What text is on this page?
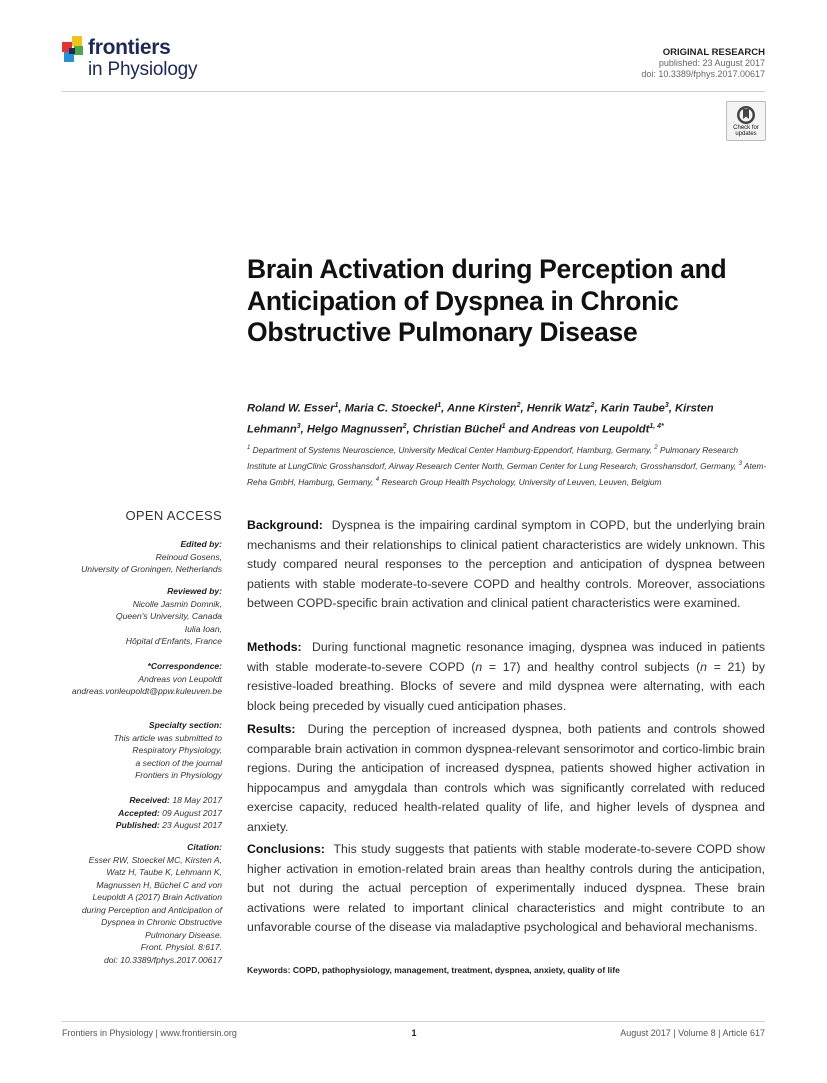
frontiers
in Physiology
ORIGINAL RESEARCH
published: 23 August 2017
doi: 10.3389/fphys.2017.00617
Check for
updates
Brain Activation during Perception and Anticipation of Dyspnea in Chronic Obstructive Pulmonary Disease
Roland W. Esser$^1$, Maria C. Stoeckel$^1$, Anne Kirsten$^2$, Henrik Watz$^2$, Karin Taube$^3$, Kirsten Lehmann$^3$, Helgo Magnussen$^2$, Christian Büchel$^1$ and Andreas von Leupoldt$^{1, 4*}$
$^1$ Department of Systems Neuroscience, University Medical Center Hamburg-Eppendorf, Hamburg, Germany, $^2$ Pulmonary Research Institute at LungClinic Grosshansdorf, Airway Research Center North, German Center for Lung Research, Grosshansdorf, Germany, $^3$ Atem-Reha GmbH, Hamburg, Germany, $^4$ Research Group Health Psychology, University of Leuven, Leuven, Belgium
OPEN ACCESS
Edited by:
Reinoud Gosens,
University of Groningen, Netherlands
Reviewed by:
Nicolle Jasmin Domnik,
Queen's University, Canada
Iulia Ioan,
Hôpital d'Enfants, France
*Correspondence:
Andreas von Leupoldt
andreas.vonleupoldt@ppw.kuleuven.be
Specialty section:
This article was submitted to
Respiratory Physiology,
a section of the journal
Frontiers in Physiology
Received: 18 May 2017
Accepted: 09 August 2017
Published: 23 August 2017
Citation:
Esser RW, Stoeckel MC, Kirsten A,
Watz H, Taube K, Lehmann K,
Magnussen H, Büchel C and von
Leupoldt A (2017) Brain Activation
during Perception and Anticipation of
Dyspnea in Chronic Obstructive
Pulmonary Disease.
Front. Physiol. 8:617.
doi: 10.3389/fphys.2017.00617
Background: Dyspnea is the impairing cardinal symptom in COPD, but the underlying brain mechanisms and their relationships to clinical patient characteristics are widely unknown. This study compared neural responses to the perception and anticipation of dyspnea between patients with stable moderate-to-severe COPD and healthy controls. Moreover, associations between COPD-specific brain activation and clinical patient characteristics were examined.
Methods: During functional magnetic resonance imaging, dyspnea was induced in patients with stable moderate-to-severe COPD (n = 17) and healthy control subjects (n = 21) by resistive-loaded breathing. Blocks of severe and mild dyspnea were alternating, with each block being preceded by visually cued anticipation phases.
Results: During the perception of increased dyspnea, both patients and controls showed comparable brain activation in common dyspnea-relevant sensorimotor and cortico-limbic brain regions. During the anticipation of increased dyspnea, patients showed higher activation in hippocampus and amygdala than controls which was significantly correlated with reduced exercise capacity, reduced health-related quality of life, and higher levels of dyspnea and anxiety.
Conclusions: This study suggests that patients with stable moderate-to-severe COPD show higher activation in emotion-related brain areas than healthy controls during the anticipation, but not during the actual perception of experimentally induced dyspnea. These brain activations were related to important clinical characteristics and might contribute to an unfavorable course of the disease via maladaptive psychological and behavioral mechanisms.
Keywords: COPD, pathophysiology, management, treatment, dyspnea, anxiety, quality of life
Frontiers in Physiology | www.frontiersin.org	1	August 2017 | Volume 8 | Article 617
